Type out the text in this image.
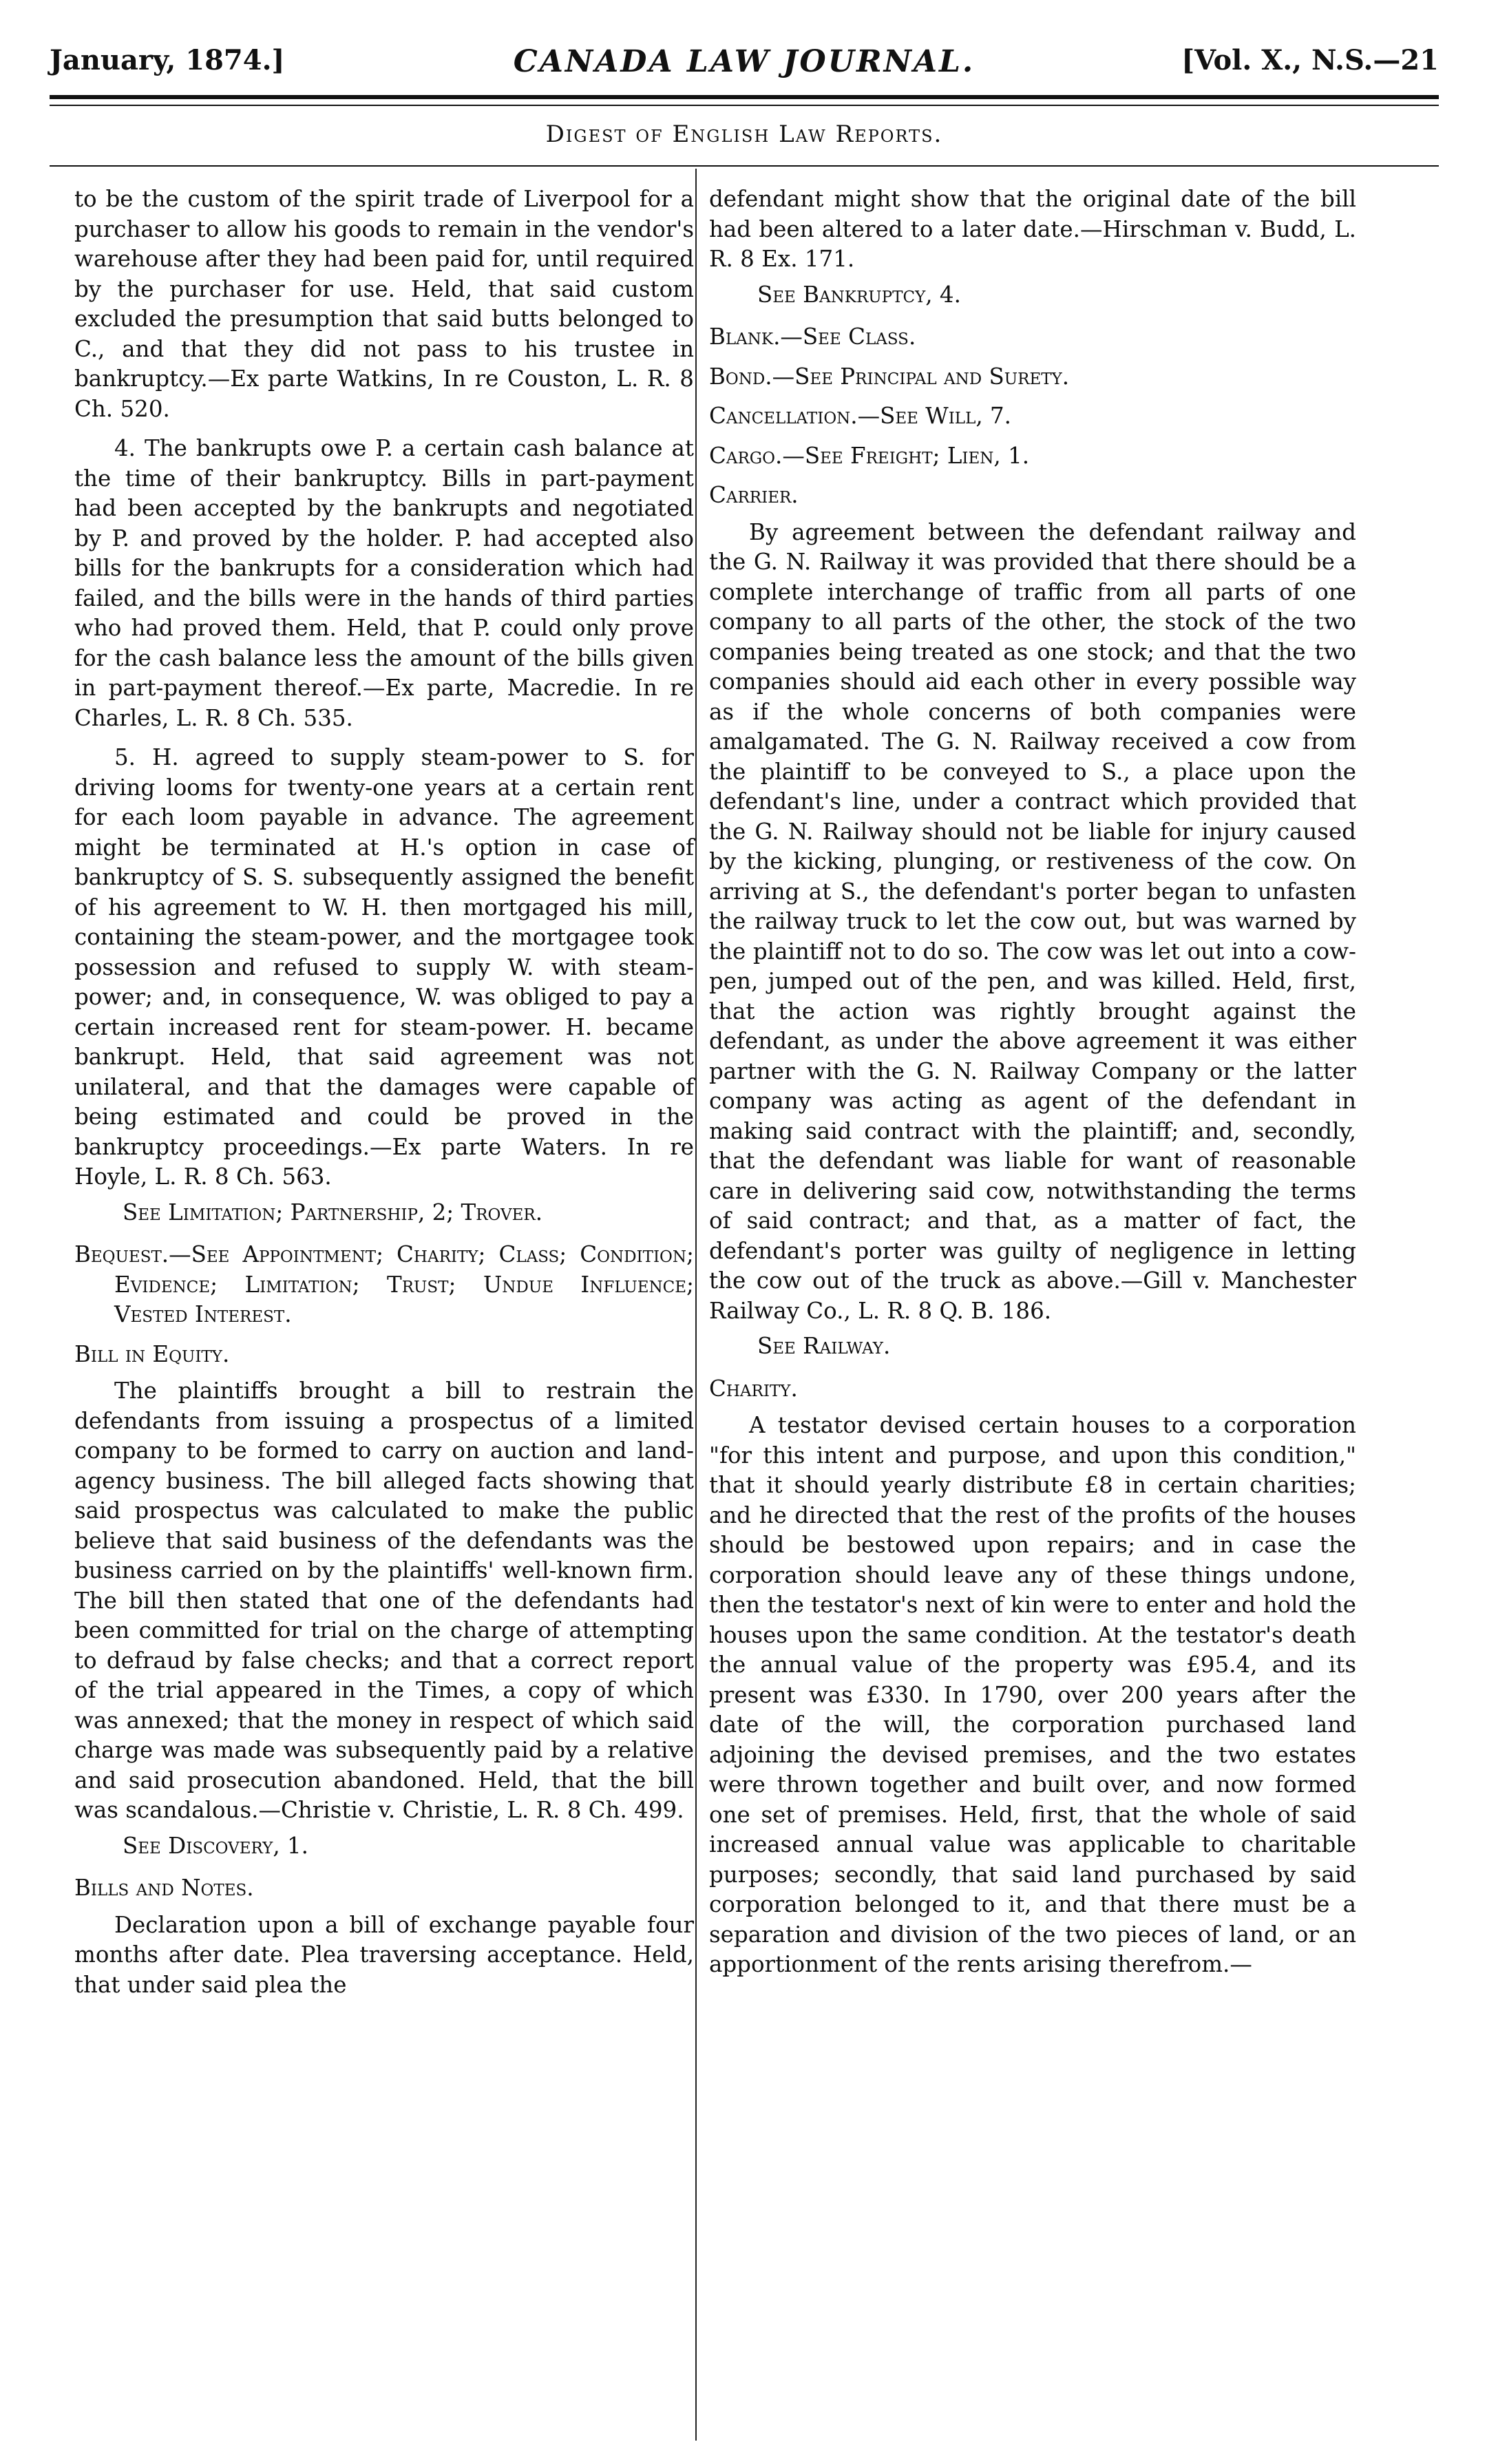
January, 1874.]	CANADA LAW JOURNAL.	[Vol. X., N.S.—21
Digest of English Law Reports.

to be the custom of the spirit trade of Liverpool for a purchaser to allow his goods to remain in the vendor's warehouse after they had been paid for, until required by the purchaser for use. Held, that said custom excluded the presumption that said butts belonged to C., and that they did not pass to his trustee in bankruptcy.—Ex parte Watkins, In re Couston, L. R. 8 Ch. 520.

4. The bankrupts owe P. a certain cash balance at the time of their bankruptcy. Bills in part-payment had been accepted by the bankrupts and negotiated by P. and proved by the holder. P. had accepted also bills for the bankrupts for a consideration which had failed, and the bills were in the hands of third parties who had proved them. Held, that P. could only prove for the cash balance less the amount of the bills given in part-payment thereof.—Ex parte, Macredie. In re Charles, L. R. 8 Ch. 535.

5. H. agreed to supply steam-power to S. for driving looms for twenty-one years at a certain rent for each loom payable in advance. The agreement might be terminated at H.'s option in case of bankruptcy of S. S. subsequently assigned the benefit of his agreement to W. H. then mortgaged his mill, containing the steam-power, and the mortgagee took possession and refused to supply W. with steam-power; and, in consequence, W. was obliged to pay a certain increased rent for steam-power. H. became bankrupt. Held, that said agreement was not unilateral, and that the damages were capable of being estimated and could be proved in the bankruptcy proceedings.—Ex parte Waters. In re Hoyle, L. R. 8 Ch. 563.

See Limitation; Partnership, 2; Trover.

Bequest.—See Appointment; Charity; Class; Condition; Evidence; Limitation; Trust; Undue Influence; Vested Interest.

Bill in Equity.

The plaintiffs brought a bill to restrain the defendants from issuing a prospectus of a limited company to be formed to carry on auction and land-agency business. The bill alleged facts showing that said prospectus was calculated to make the public believe that said business of the defendants was the business carried on by the plaintiffs' well-known firm. The bill then stated that one of the defendants had been committed for trial on the charge of attempting to defraud by false checks; and that a correct report of the trial appeared in the Times, a copy of which was annexed; that the money in respect of which said charge was made was subsequently paid by a relative and said prosecution abandoned. Held, that the bill was scandalous.—Christie v. Christie, L. R. 8 Ch. 499.

See Discovery, 1.

Bills and Notes.

Declaration upon a bill of exchange payable four months after date. Plea traversing acceptance. Held, that under said plea the

defendant might show that the original date of the bill had been altered to a later date.—Hirschman v. Budd, L. R. 8 Ex. 171.

See Bankruptcy, 4.

Blank.—See Class.

Bond.—See Principal and Surety.

Cancellation.—See Will, 7.

Cargo.—See Freight; Lien, 1.

Carrier.

By agreement between the defendant railway and the G. N. Railway it was provided that there should be a complete interchange of traffic from all parts of one company to all parts of the other, the stock of the two companies being treated as one stock; and that the two companies should aid each other in every possible way as if the whole concerns of both companies were amalgamated. The G. N. Railway received a cow from the plaintiff to be conveyed to S., a place upon the defendant's line, under a contract which provided that the G. N. Railway should not be liable for injury caused by the kicking, plunging, or restiveness of the cow. On arriving at S., the defendant's porter began to unfasten the railway truck to let the cow out, but was warned by the plaintiff not to do so. The cow was let out into a cow-pen, jumped out of the pen, and was killed. Held, first, that the action was rightly brought against the defendant, as under the above agreement it was either partner with the G. N. Railway Company or the latter company was acting as agent of the defendant in making said contract with the plaintiff; and, secondly, that the defendant was liable for want of reasonable care in delivering said cow, notwithstanding the terms of said contract; and that, as a matter of fact, the defendant's porter was guilty of negligence in letting the cow out of the truck as above.—Gill v. Manchester Railway Co., L. R. 8 Q. B. 186.

See Railway.

Charity.

A testator devised certain houses to a corporation "for this intent and purpose, and upon this condition," that it should yearly distribute £8 in certain charities; and he directed that the rest of the profits of the houses should be bestowed upon repairs; and in case the corporation should leave any of these things undone, then the testator's next of kin were to enter and hold the houses upon the same condition. At the testator's death the annual value of the property was £95.4, and its present was £330. In 1790, over 200 years after the date of the will, the corporation purchased land adjoining the devised premises, and the two estates were thrown together and built over, and now formed one set of premises. Held, first, that the whole of said increased annual value was applicable to charitable purposes; secondly, that said land purchased by said corporation belonged to it, and that there must be a separation and division of the two pieces of land, or an apportionment of the rents arising therefrom.—
